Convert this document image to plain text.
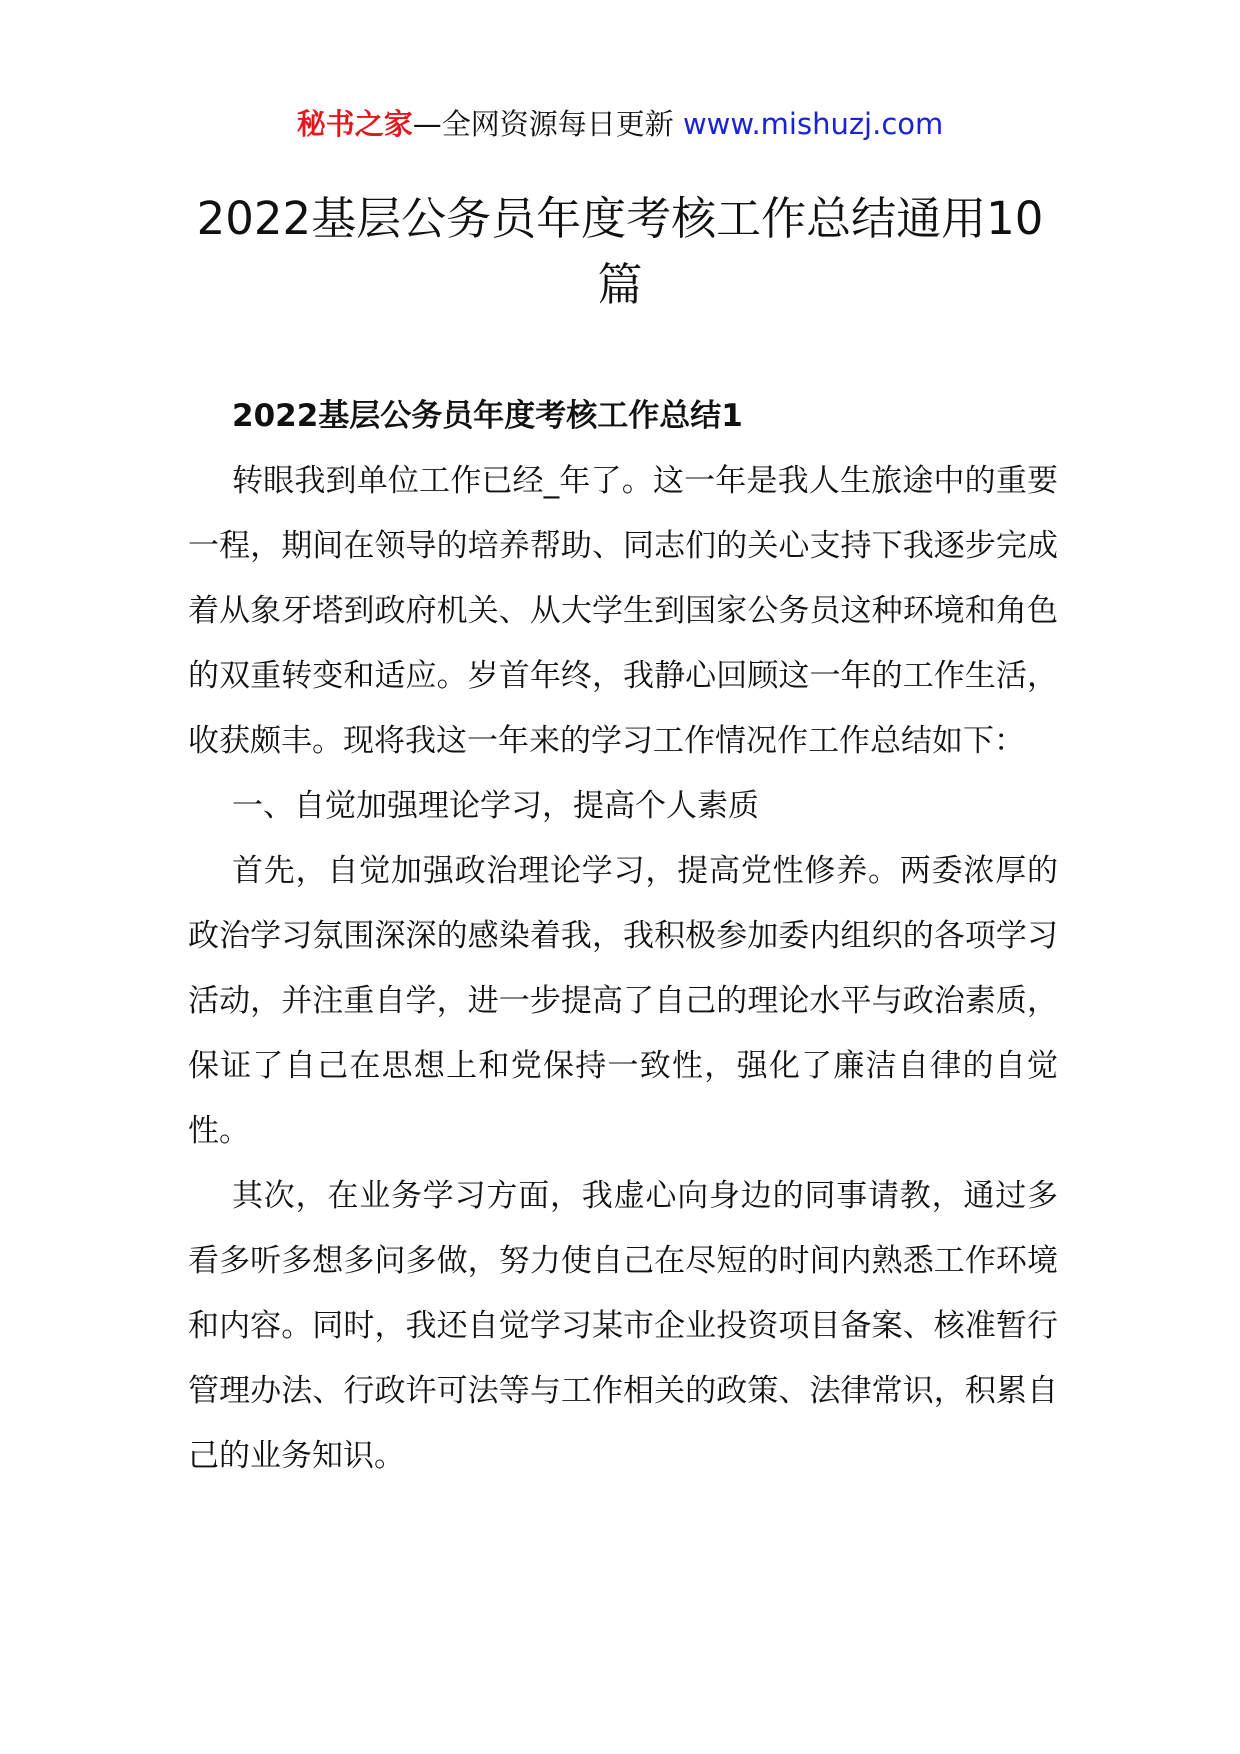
秘书之家—全网资源每日更新 www.mishuzj.com
2022基层公务员年度考核工作总结通用10篇

2022基层公务员年度考核工作总结1

转眼我到单位工作已经_年了。这一年是我人生旅途中的重要一程，期间在领导的培养帮助、同志们的关心支持下我逐步完成着从象牙塔到政府机关、从大学生到国家公务员这种环境和角色的双重转变和适应。岁首年终，我静心回顾这一年的工作生活，收获颇丰。现将我这一年来的学习工作情况作工作总结如下：

一、自觉加强理论学习，提高个人素质

首先，自觉加强政治理论学习，提高党性修养。两委浓厚的政治学习氛围深深的感染着我，我积极参加委内组织的各项学习活动，并注重自学，进一步提高了自己的理论水平与政治素质，保证了自己在思想上和党保持一致性，强化了廉洁自律的自觉性。

其次，在业务学习方面，我虚心向身边的同事请教，通过多看多听多想多问多做，努力使自己在尽短的时间内熟悉工作环境和内容。同时，我还自觉学习某市企业投资项目备案、核准暂行管理办法、行政许可法等与工作相关的政策、法律常识，积累自己的业务知识。
